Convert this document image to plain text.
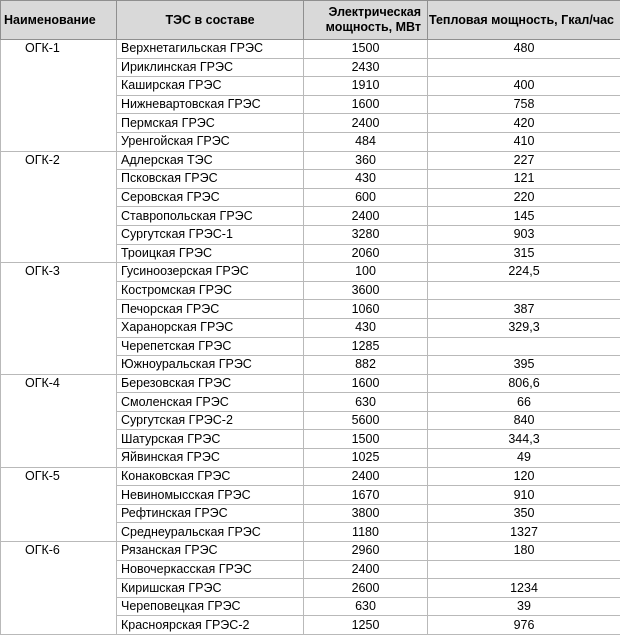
Наименование	ТЭС в составе	Электрическая мощность, МВт	Тепловая мощность, Гкал/час
ОГК-1	Верхнетагильская ГРЭС	1500	480
	Ириклинская ГРЭС	2430	
	Каширская ГРЭС	1910	400
	Нижневартовская ГРЭС	1600	758
	Пермская ГРЭС	2400	420
	Уренгойская ГРЭС	484	410
ОГК-2	Адлерская ТЭС	360	227
	Псковская ГРЭС	430	121
	Серовская ГРЭС	600	220
	Ставропольская ГРЭС	2400	145
	Сургутская ГРЭС-1	3280	903
	Троицкая ГРЭС	2060	315
ОГК-3	Гусиноозерская ГРЭС	100	224,5
	Костромская ГРЭС	3600	
	Печорская ГРЭС	1060	387
	Харанорская ГРЭС	430	329,3
	Черепетская ГРЭС	1285	
	Южноуральская ГРЭС	882	395
ОГК-4	Березовская ГРЭС	1600	806,6
	Смоленская ГРЭС	630	66
	Сургутская ГРЭС-2	5600	840
	Шатурская ГРЭС	1500	344,3
	Яйвинская ГРЭС	1025	49
ОГК-5	Конаковская ГРЭС	2400	120
	Невиномысская ГРЭС	1670	910
	Рефтинская ГРЭС	3800	350
	Среднеуральская ГРЭС	1180	1327
ОГК-6	Рязанская ГРЭС	2960	180
	Новочеркасская ГРЭС	2400	
	Киришская ГРЭС	2600	1234
	Череповецкая ГРЭС	630	39
	Красноярская ГРЭС-2	1250	976
